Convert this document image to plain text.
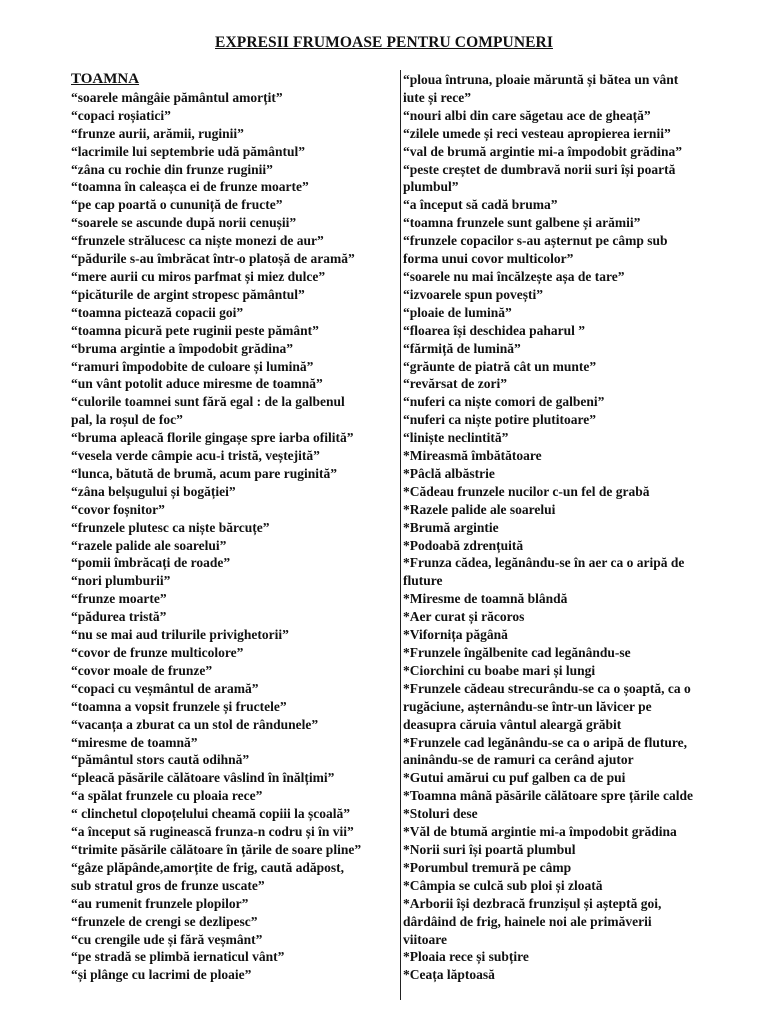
EXPRESII FRUMOASE PENTRU COMPUNERI
TOAMNA
“soarele mângâie pământul amorțit”
“copaci roșiatici”
“frunze aurii, arămii, ruginii”
“lacrimile lui septembrie udă pământul”
“zâna cu rochie din frunze ruginii”
“toamna în caleașca ei de frunze moarte”
“pe cap poartă o cununiță de fructe”
“soarele se ascunde după norii cenușii”
“frunzele strălucesc ca niște monezi de aur”
“pădurile s-au îmbrăcat într-o platoșă de aramă”
“mere aurii cu miros parfmat și miez dulce”
“picăturile de argint stropesc pământul”
“toamna pictează copacii goi”
“toamna picură pete ruginii peste pământ”
“bruma argintie a împodobit grădina”
“ramuri împodobite de culoare și lumină”
“un vânt potolit aduce miresme de toamnă”
“culorile toamnei sunt fără egal : de la galbenul
pal, la roșul de foc”
“bruma apleacă florile gingașe spre iarba ofilită”
“vesela verde câmpie acu-i tristă, veștejită”
“lunca, bătută de brumă, acum pare ruginită”
“zâna belșugului și bogăției”
“covor foșnitor”
“frunzele plutesc ca niște bărcuțe”
“razele palide ale soarelui”
“pomii îmbrăcați de roade”
“nori plumburii”
“frunze moarte”
“pădurea tristă”
“nu se mai aud trilurile privighetorii”
“covor de frunze multicolore”
“covor moale de frunze”
“copaci cu veșmântul de aramă”
“toamna a vopsit frunzele și fructele”
“vacanța a zburat ca un stol de rândunele”
“miresme de toamnă”
“pământul stors caută odihnă”
“pleacă păsările călătoare vâslind în înălțimi”
“a spălat frunzele cu ploaia rece”
“ clinchetul clopoțelului cheamă copiii la școală”
“a început să ruginească frunza-n codru și în vii”
“trimite păsările călătoare în țările de soare pline”
“gâze plăpânde,amorțite de frig, caută adăpost,
sub stratul gros de frunze uscate”
“au rumenit frunzele plopilor”
“frunzele de crengi se dezlipesc”
“cu crengile ude și fără veșmânt”
“pe stradă se plimbă iernaticul vânt”
“și plânge cu lacrimi de ploaie”
“ploua întruna, ploaie măruntă și bătea un vânt
iute și rece”
“nouri albi din care săgetau ace de gheață”
“zilele umede și reci vesteau apropierea iernii”
“val de brumă argintie mi-a împodobit grădina”
“peste creștet de dumbravă norii suri își poartă
plumbul”
“a început să cadă bruma”
“toamna frunzele sunt galbene și arămii”
“frunzele copacilor s-au așternut pe câmp sub
forma unui covor multicolor”
“soarele nu mai încălzește așa de tare”
“izvoarele spun povești”
“ploaie de lumină”
“floarea își deschidea paharul ”
“fărmiță de lumină”
“grăunte de piatră cât un munte”
“revărsat de zori”
“nuferi ca niște comori de galbeni”
“nuferi ca niște potire plutitoare”
“liniște neclintită”
*Mireasmă îmbătătoare
*Pâclă albăstrie
*Cădeau frunzele nucilor c-un fel de grabă
*Razele palide ale soarelui
*Brumă argintie
*Podoabă zdrențuită
*Frunza cădea, legănându-se în aer ca o aripă de
fluture
*Miresme de toamnă blândă
*Aer curat și răcoros
*Vifornița păgână
*Frunzele îngălbenite cad legănându-se
*Ciorchini cu boabe mari și lungi
*Frunzele cădeau strecurându-se ca o șoaptă, ca o
rugăciune, așternându-se într-un lăvicer pe
deasupra căruia vântul aleargă grăbit
*Frunzele cad legănându-se ca o aripă de fluture,
aninându-se de ramuri ca cerând ajutor
*Gutui amărui cu puf galben ca de pui
*Toamna mână păsările călătoare spre țările calde
*Stoluri dese
*Văl de btumă argintie mi-a împodobit grădina
*Norii suri își poartă plumbul
*Porumbul tremură pe câmp
*Câmpia se culcă sub ploi și zloată
*Arborii își dezbracă frunzișul și așteptă goi,
dârdâind de frig, hainele noi ale primăverii
viitoare
*Ploaia rece și subțire
*Ceața lăptoasă
